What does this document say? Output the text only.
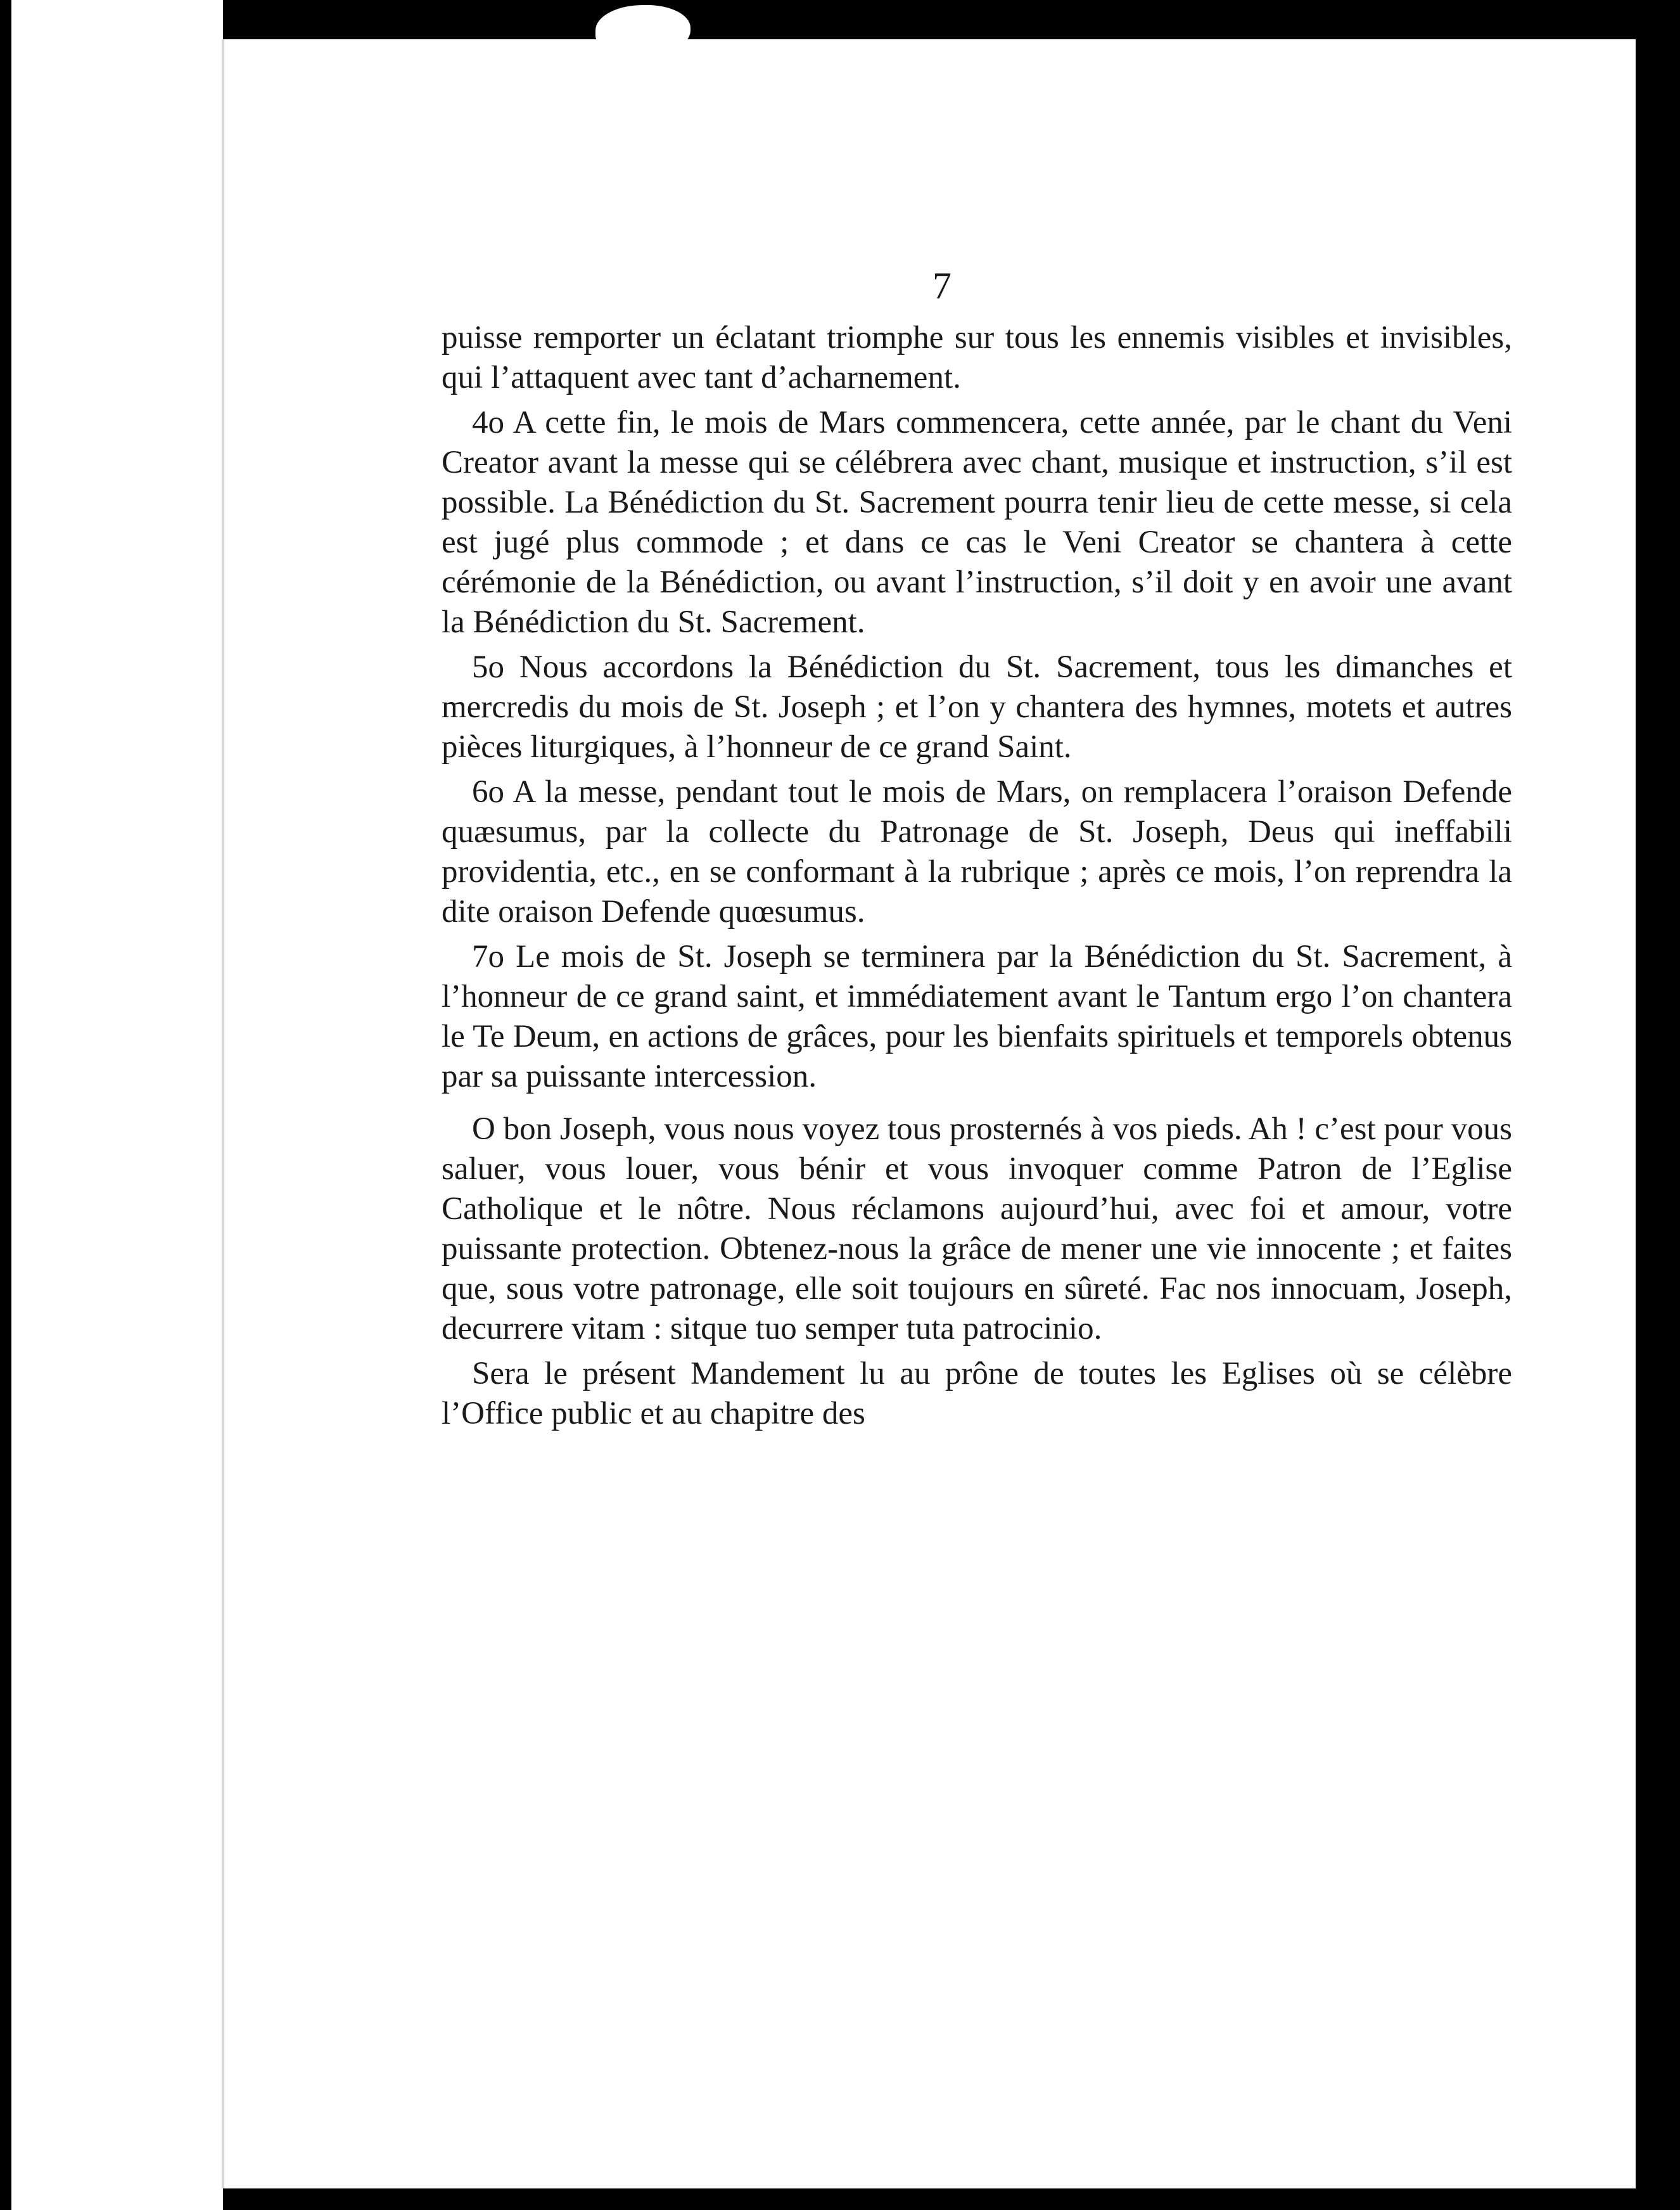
7

puisse remporter un éclatant triomphe sur tous les ennemis visibles et invisibles, qui l’attaquent avec tant d’acharnement.

4o A cette fin, le mois de Mars commencera, cette année, par le chant du Veni Creator avant la messe qui se célébrera avec chant, musique et instruction, s’il est possible. La Bénédiction du St. Sacrement pourra tenir lieu de cette messe, si cela est jugé plus commode ; et dans ce cas le Veni Creator se chantera à cette cérémonie de la Bénédiction, ou avant l’instruction, s’il doit y en avoir une avant la Bénédiction du St. Sacrement.

5o Nous accordons la Bénédiction du St. Sacrement, tous les dimanches et mercredis du mois de St. Joseph ; et l’on y chantera des hymnes, motets et autres pièces liturgiques, à l’honneur de ce grand Saint.

6o A la messe, pendant tout le mois de Mars, on remplacera l’oraison Defende quæsumus, par la collecte du Patronage de St. Joseph, Deus qui ineffabili providentia, etc., en se conformant à la rubrique ; après ce mois, l’on reprendra la dite oraison Defende quœsumus.

7o Le mois de St. Joseph se terminera par la Bénédiction du St. Sacrement, à l’honneur de ce grand saint, et immédiatement avant le Tantum ergo l’on chantera le Te Deum, en actions de grâces, pour les bienfaits spirituels et temporels obtenus par sa puissante intercession.

O bon Joseph, vous nous voyez tous prosternés à vos pieds. Ah ! c’est pour vous saluer, vous louer, vous bénir et vous invoquer comme Patron de l’Eglise Catholique et le nôtre. Nous réclamons aujourd’hui, avec foi et amour, votre puissante protection. Obtenez-nous la grâce de mener une vie innocente ; et faites que, sous votre patronage, elle soit toujours en sûreté. Fac nos innocuam, Joseph, decurrere vitam : sitque tuo semper tuta patrocinio.

Sera le présent Mandement lu au prône de toutes les Eglises où se célèbre l’Office public et au chapitre des
